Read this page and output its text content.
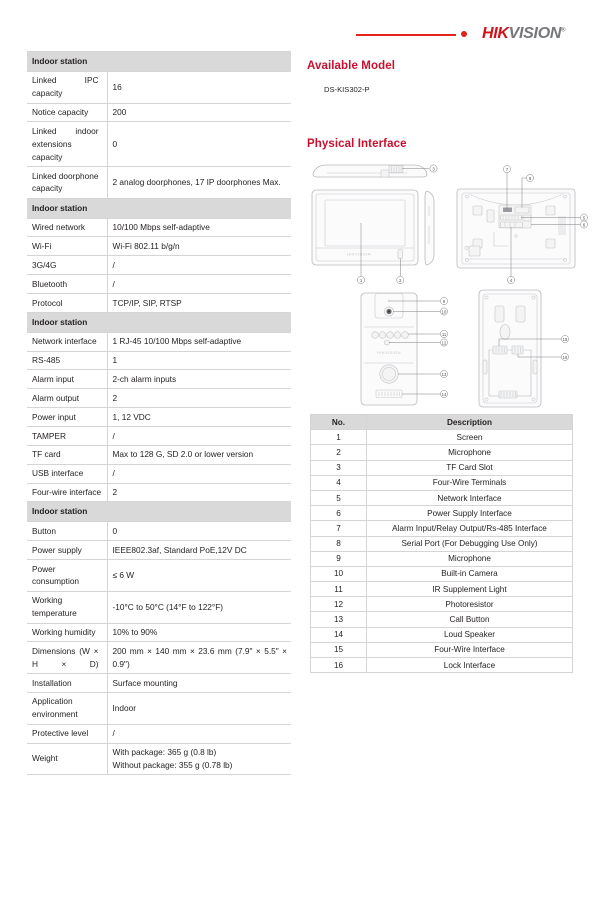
HIKVISION®
Indoor station	
Linked IPC capacity	16
Notice capacity	200
Linked indoor extensions capacity	0
Linked doorphone capacity	2 analog doorphones, 17 IP doorphones Max.
Indoor station	
Wired network	10/100 Mbps self-adaptive
Wi-Fi	Wi-Fi 802.11 b/g/n
3G/4G	/
Bluetooth	/
Protocol	TCP/IP, SIP, RTSP
Indoor station	
Network interface	1 RJ-45 10/100 Mbps self-adaptive
RS-485	1
Alarm input	2-ch alarm inputs
Alarm output	2
Power input	1, 12 VDC
TAMPER	/
TF card	Max to 128 G, SD 2.0 or lower version
USB interface	/
Four-wire interface	2
Indoor station	
Button	0
Power supply	IEEE802.3af, Standard PoE,12V DC
Power consumption	≤ 6 W
Working temperature	-10°C to 50°C (14°F to 122°F)
Working humidity	10% to 90%
Dimensions (W × H × D)	200 mm × 140 mm × 23.6 mm (7.9" × 5.5" × 0.9")
Installation	Surface mounting
Application environment	Indoor
Protective level	/
Weight	With package: 365 g (0.8 lb)
Without package: 355 g (0.78 lb)
Available Model
DS-KIS302-P
Physical Interface
3
HIKVISION
1	2
7
8
5
6
4
HIKVISION
9
10
11
12
13
14
15
16
No.	Description
1	Screen
2	Microphone
3	TF Card Slot
4	Four-Wire Terminals
5	Network Interface
6	Power Supply Interface
7	Alarm Input/Relay Output/Rs-485 Interface
8	Serial Port (For Debugging Use Only)
9	Microphone
10	Built-in Camera
11	IR Supplement Light
12	Photoresistor
13	Call Button
14	Loud Speaker
15	Four-Wire Interface
16	Lock Interface
